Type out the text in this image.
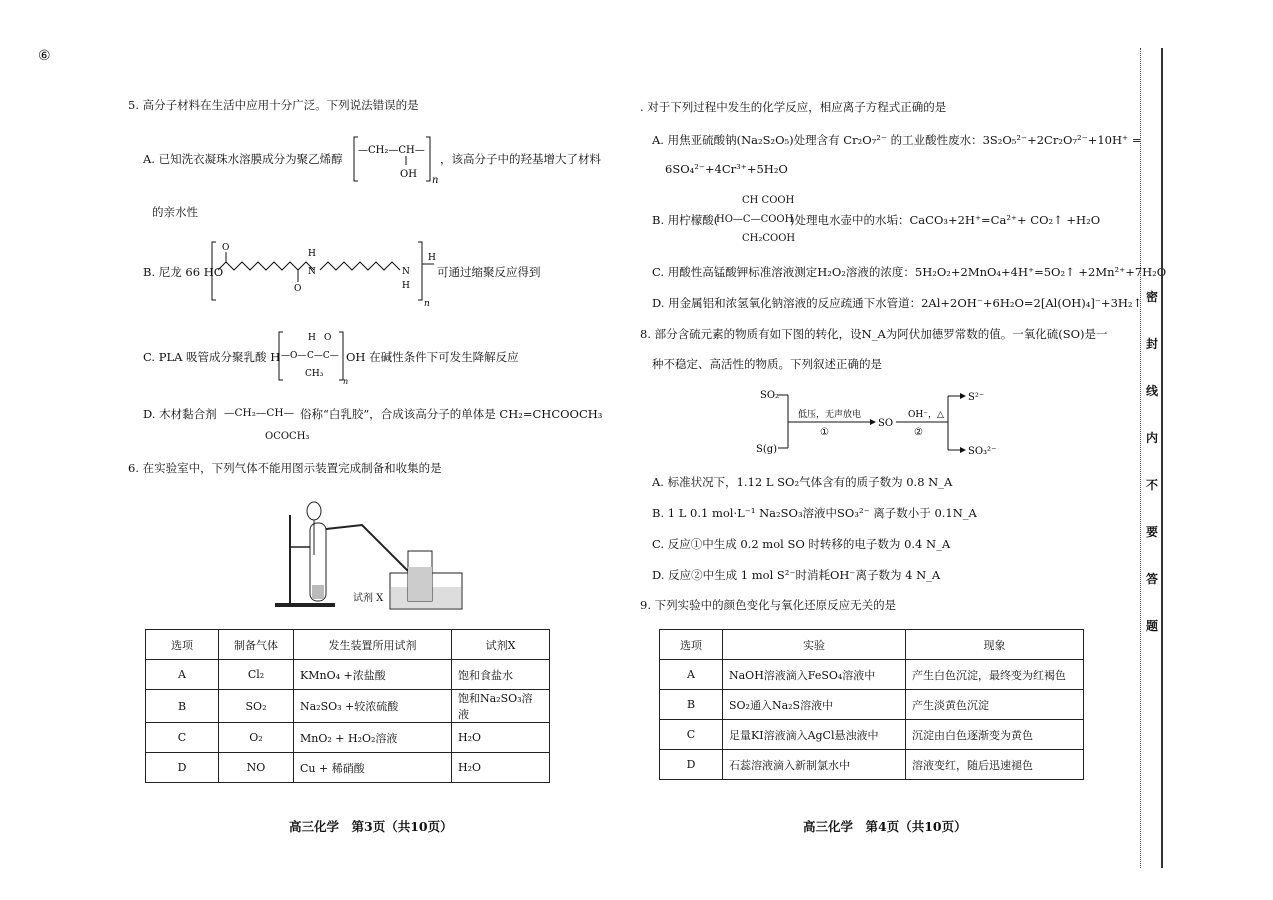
⑥
5. 高分子材料在生活中应用十分广泛。下列说法错误的是
A. 已知洗衣凝珠水溶膜成分为聚乙烯醇
—CH₂—CH—
OH
n
，该高分子中的羟基增大了材料
的亲水性
B. 尼龙 66 HO
O
O
H
N	N
H
H
n
可通过缩聚反应得到
C. PLA 吸管成分聚乳酸 H —O— C—C—
H O
CH₃
n
OH 在碱性条件下可发生降解反应
D. 木材黏合剂 —CH₂—CH—
OCOCH₃
俗称“白乳胶”，合成该高分子的单体是 CH₂=CHCOOCH₃
6. 在实验室中，下列气体不能用图示装置完成制备和收集的是
试剂 X
选项	制备气体	发生装置所用试剂	试剂X
A	Cl₂	KMnO₄ +浓盐酸	饱和食盐水
B	SO₂	Na₂SO₃ +较浓硫酸	饱和Na₂SO₃溶液
C	O₂	MnO₂ + H₂O₂溶液	H₂O
D	NO	Cu + 稀硝酸	H₂O
高三化学　第3页（共10页）
. 对于下列过程中发生的化学反应，相应离子方程式正确的是
A. 用焦亚硫酸钠(Na₂S₂O₅)处理含有 Cr₂O₇²⁻ 的工业酸性废水：3S₂O₅²⁻+2Cr₂O₇²⁻+10H⁺ =
6SO₄²⁻+4Cr³⁺+5H₂O
B. 用柠檬酸(
CH COOH
HO—C—COOH
CH₂COOH
)处理电水壶中的水垢：CaCO₃+2H⁺=Ca²⁺+ CO₂↑ +H₂O
C. 用酸性高锰酸钾标准溶液测定H₂O₂溶液的浓度：5H₂O₂+2MnO₄+4H⁺=5O₂↑ +2Mn²⁺+7H₂O
D. 用金属铝和浓氢氧化钠溶液的反应疏通下水管道：2Al+2OH⁻+6H₂O=2[Al(OH)₄]⁻+3H₂↑
8. 部分含硫元素的物质有如下图的转化，设N_A为阿伏加德罗常数的值。一氧化硫(SO)是一
种不稳定、高活性的物质。下列叙述正确的是
SO₂
S(g)
低压，无声放电
①
SO
OH⁻，△
②
S²⁻
SO₃²⁻
A. 标准状况下，1.12 L SO₂气体含有的质子数为 0.8 N_A
B. 1 L 0.1 mol·L⁻¹ Na₂SO₃溶液中SO₃²⁻ 离子数小于 0.1N_A
C. 反应①中生成 0.2 mol SO 时转移的电子数为 0.4 N_A
D. 反应②中生成 1 mol S²⁻时消耗OH⁻离子数为 4 N_A
9. 下列实验中的颜色变化与氧化还原反应无关的是
选项	实验	现象
A	NaOH溶液滴入FeSO₄溶液中	产生白色沉淀，最终变为红褐色
B	SO₂通入Na₂S溶液中	产生淡黄色沉淀
C	足量KI溶液滴入AgCl悬浊液中	沉淀由白色逐渐变为黄色
D	石蕊溶液滴入新制氯水中	溶液变红，随后迅速褪色
高三化学　第4页（共10页）
密
封
线
内
不
要
答
题
